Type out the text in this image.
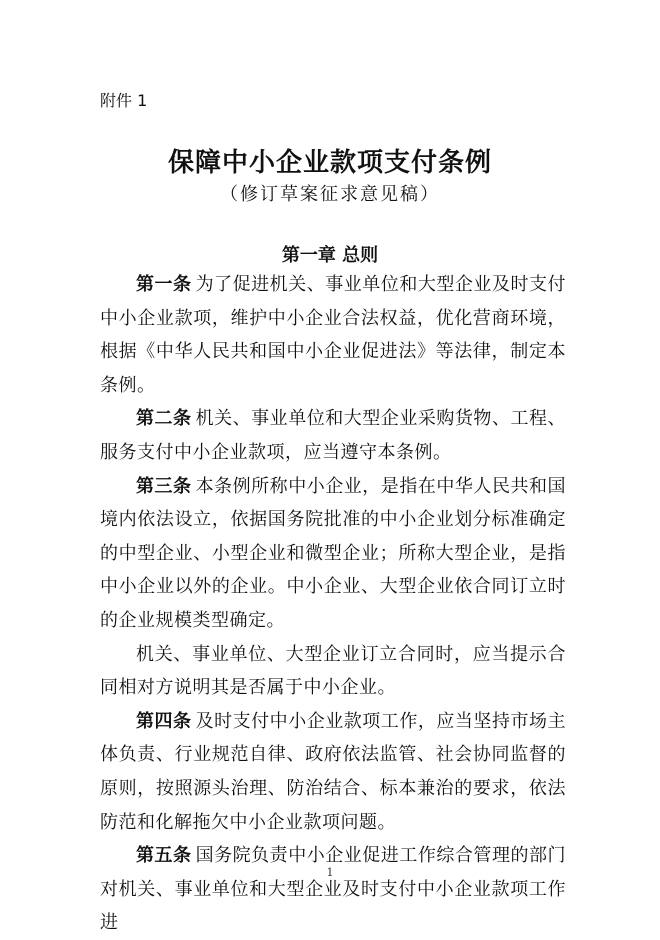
附件 1
保障中小企业款项支付条例
（修订草案征求意见稿）
第一章 总则

第一条 为了促进机关、事业单位和大型企业及时支付中小企业款项，维护中小企业合法权益，优化营商环境，根据《中华人民共和国中小企业促进法》等法律，制定本条例。

第二条 机关、事业单位和大型企业采购货物、工程、服务支付中小企业款项，应当遵守本条例。

第三条 本条例所称中小企业，是指在中华人民共和国境内依法设立，依据国务院批准的中小企业划分标准确定的中型企业、小型企业和微型企业；所称大型企业，是指中小企业以外的企业。中小企业、大型企业依合同订立时的企业规模类型确定。

机关、事业单位、大型企业订立合同时，应当提示合同相对方说明其是否属于中小企业。

第四条 及时支付中小企业款项工作，应当坚持市场主体负责、行业规范自律、政府依法监管、社会协同监督的原则，按照源头治理、防治结合、标本兼治的要求，依法防范和化解拖欠中小企业款项问题。

第五条 国务院负责中小企业促进工作综合管理的部门对机关、事业单位和大型企业及时支付中小企业款项工作进

1
